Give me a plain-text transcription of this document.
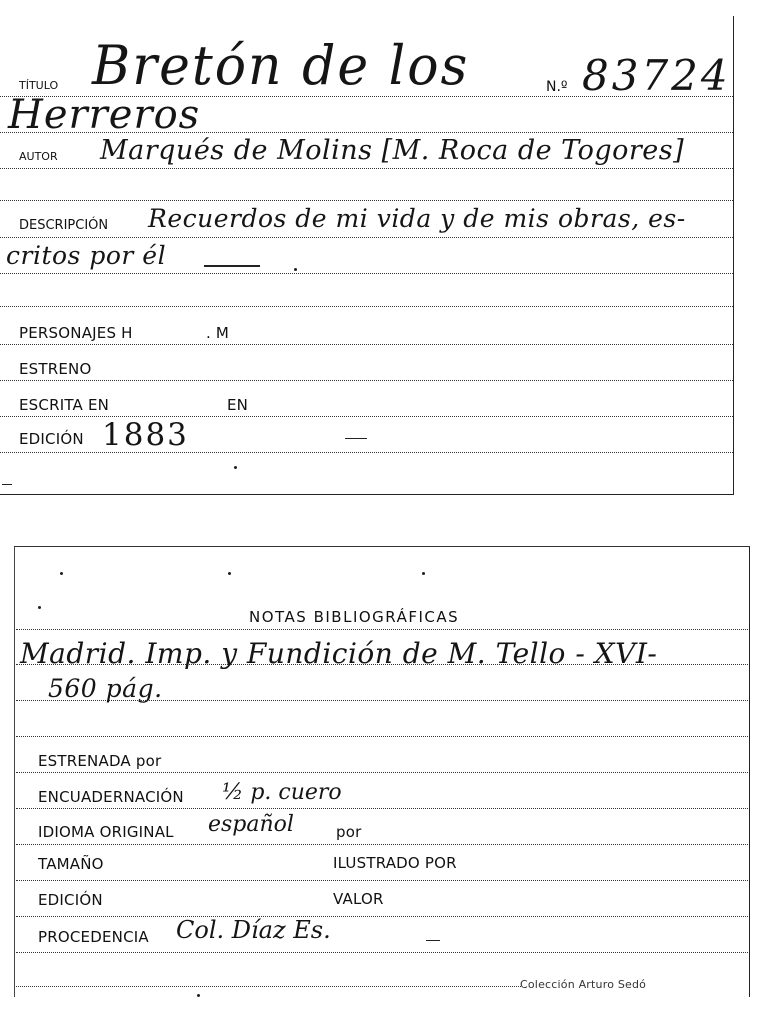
TÍTULO Bretón de los	N.º 83724
Herreros
AUTOR Marqués de Molins [M. Roca de Togores]
DESCRIPCIÓN Recuerdos de mi vida y de mis obras, es-
critos por él
PERSONAJES H	. M
ESTRENO
ESCRITA EN	EN
EDICIÓN 1883
NOTAS BIBLIOGRÁFICAS
Madrid. Imp. y Fundición de M. Tello - XVI-
560 pág.
ESTRENADA por
ENCUADERNACIÓN ½ p. cuero
IDIOMA ORIGINAL español	por
TAMAÑO	ILUSTRADO POR
EDICIÓN	VALOR
PROCEDENCIA Col. Díaz Es.
Colección Arturo Sedó
